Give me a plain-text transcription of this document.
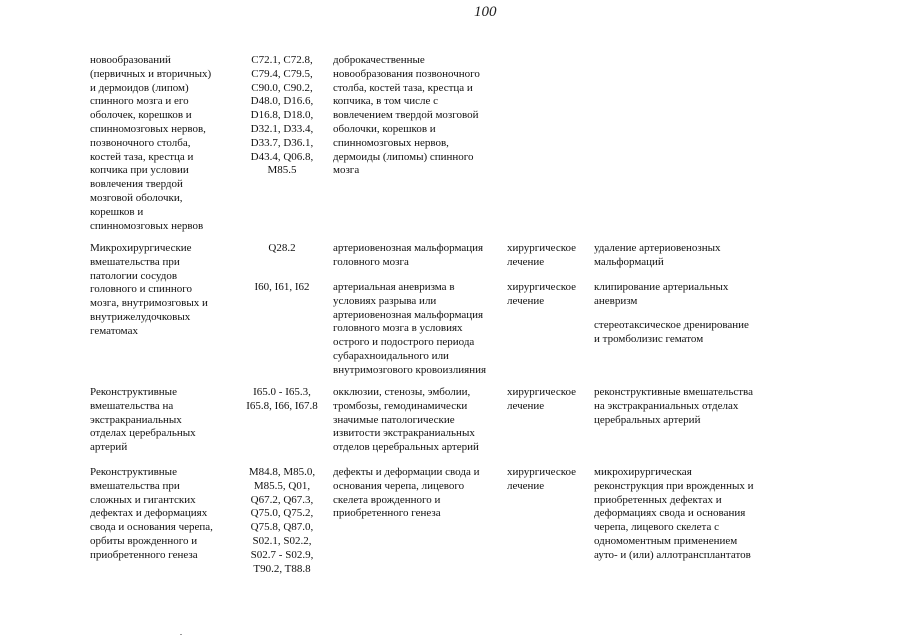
100
новообразований
(первичных и вторичных)
и дермоидов (липом)
спинного мозга и его
оболочек, корешков и
спинномозговых нервов,
позвоночного столба,
костей таза, крестца и
копчика при условии
вовлечения твердой
мозговой оболочки,
корешков и
спинномозговых нервов
C72.1, C72.8,
C79.4, C79.5,
C90.0, C90.2,
D48.0, D16.6,
D16.8, D18.0,
D32.1, D33.4,
D33.7, D36.1,
D43.4, Q06.8,
M85.5
доброкачественные
новообразования позвоночного
столба, костей таза, крестца и
копчика, в том числе с
вовлечением твердой мозговой
оболочки, корешков и
спинномозговых нервов,
дермоиды (липомы) спинного
мозга
Микрохирургические
вмешательства при
патологии сосудов
головного и спинного
мозга, внутримозговых и
внутрижелудочковых
гематомах
Q28.2	артериовенозная мальформация
головного мозга
хирургическое
лечение
удаление артериовенозных
мальформаций
I60, I61, I62	артериальная аневризма в
условиях разрыва или
артериовенозная мальформация
головного мозга в условиях
острого и подострого периода
субарахноидального или
внутримозгового кровоизлияния
хирургическое
лечение
клипирование артериальных
аневризм
стереотаксическое дренирование
и тромболизис гематом
Реконструктивные
вмешательства на
экстракраниальных
отделах церебральных
артерий
I65.0 - I65.3,
I65.8, I66, I67.8
окклюзии, стенозы, эмболии,
тромбозы, гемодинамически
значимые патологические
извитости экстракраниальных
отделов церебральных артерий
хирургическое
лечение
реконструктивные вмешательства
на экстракраниальных отделах
церебральных артерий
Реконструктивные
вмешательства при
сложных и гигантских
дефектах и деформациях
свода и основания черепа,
орбиты врожденного и
приобретенного генеза
M84.8, M85.0,
M85.5, Q01,
Q67.2, Q67.3,
Q75.0, Q75.2,
Q75.8, Q87.0,
S02.1, S02.2,
S02.7 - S02.9,
T90.2, T88.8
дефекты и деформации свода и
основания черепа, лицевого
скелета врожденного и
приобретенного генеза
хирургическое
лечение
микрохирургическая
реконструкция при врожденных и
приобретенных дефектах и
деформациях свода и основания
черепа, лицевого скелета с
одномоментным применением
ауто- и (или) аллотрансплантатов
